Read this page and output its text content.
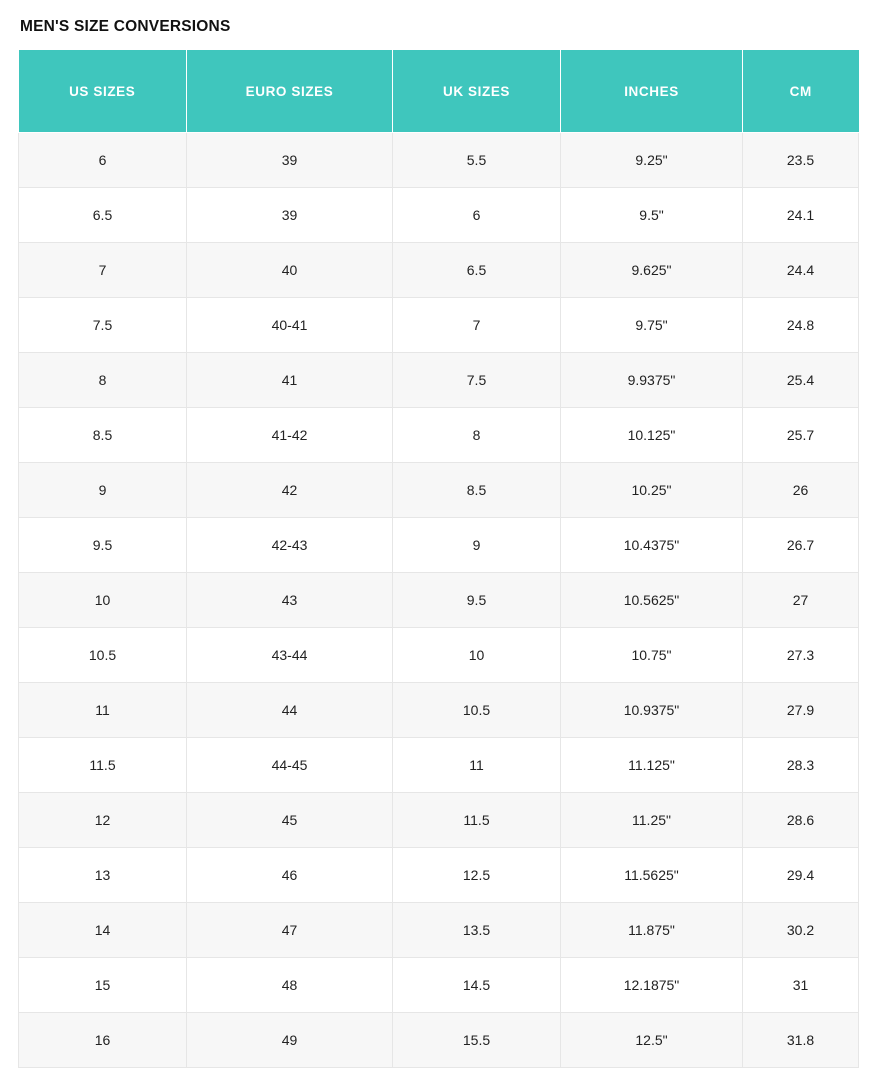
MEN'S SIZE CONVERSIONS
US SIZES	EURO SIZES	UK SIZES	INCHES	CM
6	39	5.5	9.25"	23.5
6.5	39	6	9.5"	24.1
7	40	6.5	9.625"	24.4
7.5	40-41	7	9.75"	24.8
8	41	7.5	9.9375"	25.4
8.5	41-42	8	10.125"	25.7
9	42	8.5	10.25"	26
9.5	42-43	9	10.4375"	26.7
10	43	9.5	10.5625"	27
10.5	43-44	10	10.75"	27.3
11	44	10.5	10.9375"	27.9
11.5	44-45	11	11.125"	28.3
12	45	11.5	11.25"	28.6
13	46	12.5	11.5625"	29.4
14	47	13.5	11.875"	30.2
15	48	14.5	12.1875"	31
16	49	15.5	12.5"	31.8
